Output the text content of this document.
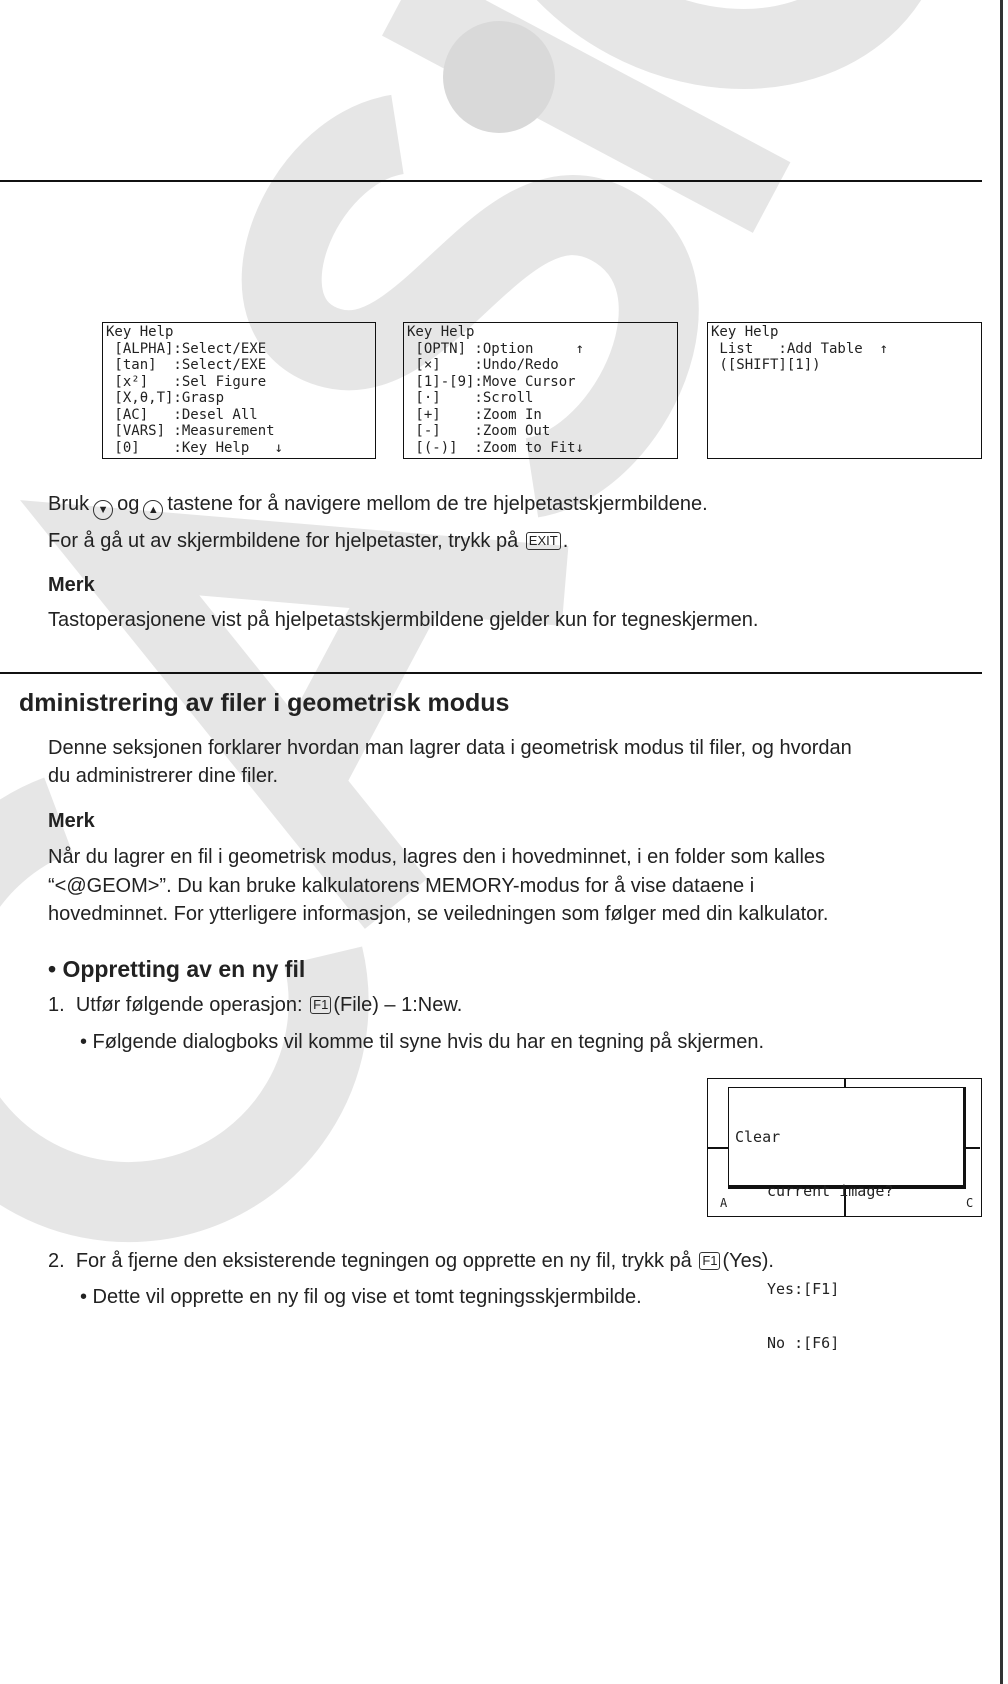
Key Help
[ALPHA]:Select/EXE
[tan]  :Select/EXE
[x²]   :Sel Figure
[X,θ,T]:Grasp
[AC]   :Desel All
[VARS] :Measurement
[0]    :Key Help   ↓
Key Help
[OPTN] :Option     ↑
[×]    :Undo/Redo
[1]-[9]:Move Cursor
[·]    :Scroll
[+]    :Zoom In
[-]    :Zoom Out
[(-)]  :Zoom to Fit↓
Key Help
List   :Add Table  ↑
([SHIFT][1])
Bruk ▼ og ▲ tastene for å navigere mellom de tre hjelpetastskjermbildene.
For å gå ut av skjermbildene for hjelpetaster, trykk på EXIT .
Merk
Tastoperasjonene vist på hjelpetastskjermbildene gjelder kun for tegneskjermen.
dministrering av filer i geometrisk modus
Denne seksjonen forklarer hvordan man lagrer data i geometrisk modus til filer, og hvordan
du administrerer dine filer.
Merk
Når du lagrer en fil i geometrisk modus, lagres den i hovedminnet, i en folder som kalles
“<@GEOM>”. Du kan bruke kalkulatorens MEMORY-modus for å vise dataene i
hovedminnet. For ytterligere informasjon, se veiledningen som følger med din kalkulator.
• Oppretting av en ny fil
1. Utfør følgende operasjon: F1 (File) – 1:New.
• Følgende dialogboks vil komme til syne hvis du har en tegning på skjermen.

Clear

current image?

Yes:[F1]

No :[F6]

A	C
2. For å fjerne den eksisterende tegningen og opprette en ny fil, trykk på F1 (Yes).
• Dette vil opprette en ny fil og vise et tomt tegningsskjermbilde.
